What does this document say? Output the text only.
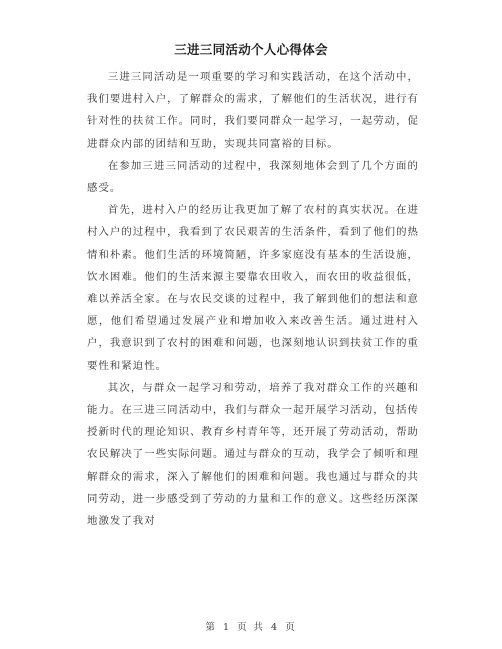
三进三同活动个人心得体会

三进三同活动是一项重要的学习和实践活动，在这个活动中，我们要进村入户，了解群众的需求，了解他们的生活状况，进行有针对性的扶贫工作。同时，我们要同群众一起学习，一起劳动，促进群众内部的团结和互助，实现共同富裕的目标。

在参加三进三同活动的过程中，我深刻地体会到了几个方面的感受。

首先，进村入户的经历让我更加了解了农村的真实状况。在进村入户的过程中，我看到了农民艰苦的生活条件，看到了他们的热情和朴素。他们生活的环境简陋，许多家庭没有基本的生活设施，饮水困难。他们的生活来源主要靠农田收入，而农田的收益很低，难以养活全家。在与农民交谈的过程中，我了解到他们的想法和意愿，他们希望通过发展产业和增加收入来改善生活。通过进村入户，我意识到了农村的困难和问题，也深刻地认识到扶贫工作的重要性和紧迫性。

其次，与群众一起学习和劳动，培养了我对群众工作的兴趣和能力。在三进三同活动中，我们与群众一起开展学习活动，包括传授新时代的理论知识、教育乡村青年等，还开展了劳动活动，帮助农民解决了一些实际问题。通过与群众的互动，我学会了倾听和理解群众的需求，深入了解他们的困难和问题。我也通过与群众的共同劳动，进一步感受到了劳动的力量和工作的意义。这些经历深深地激发了我对

第 1 页 共 4 页
